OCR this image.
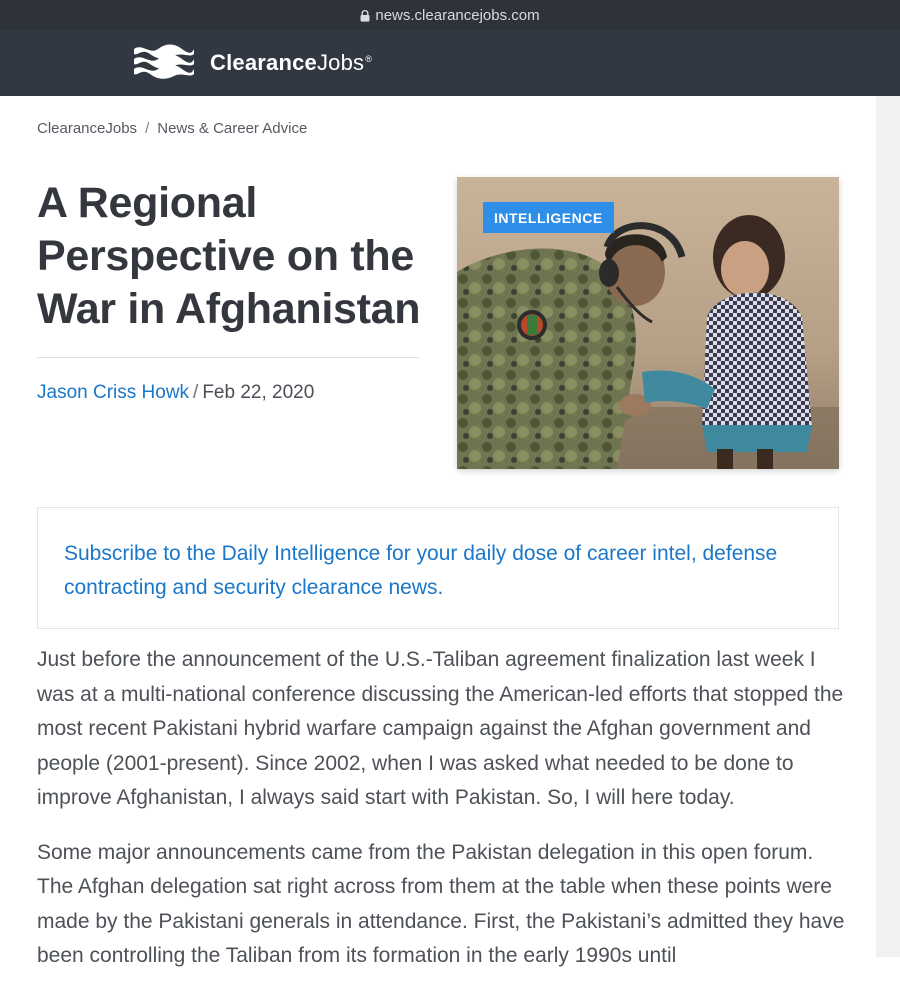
news.clearancejobs.com
ClearanceJobs®
ClearanceJobs / News & Career Advice
A Regional Perspective on the War in Afghanistan
Jason Criss Howk / Feb 22, 2020
INTELLIGENCE
Subscribe to the Daily Intelligence for your daily dose of career intel, defense contracting and security clearance news.

Just before the announcement of the U.S.-Taliban agreement finalization last week I was at a multi-national conference discussing the American-led efforts that stopped the most recent Pakistani hybrid warfare campaign against the Afghan government and people (2001-present). Since 2002, when I was asked what needed to be done to improve Afghanistan, I always said start with Pakistan. So, I will here today.

Some major announcements came from the Pakistan delegation in this open forum. The Afghan delegation sat right across from them at the table when these points were made by the Pakistani generals in attendance. First, the Pakistani’s admitted they have been controlling the Taliban from its formation in the early 1990s until
